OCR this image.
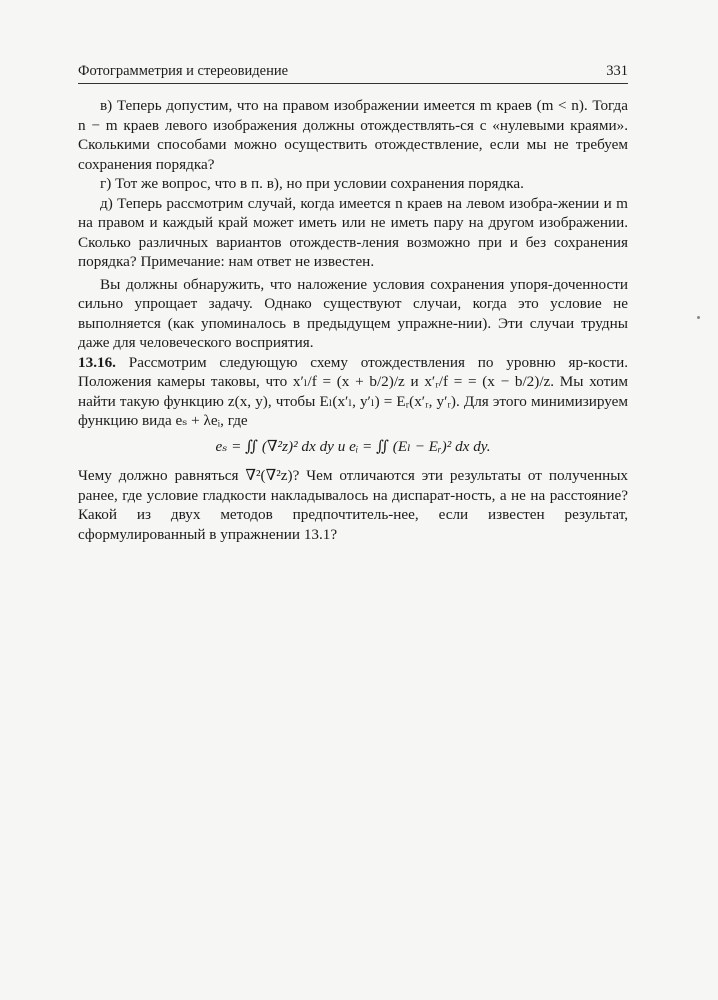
Фотограмметрия и стереовидение	331

в) Теперь допустим, что на правом изображении имеется m краев (m < n). Тогда n − m краев левого изображения должны отождествлять-ся с «нулевыми краями». Сколькими способами можно осуществить отождествление, если мы не требуем сохранения порядка?

г) Тот же вопрос, что в п. в), но при условии сохранения порядка.

д) Теперь рассмотрим случай, когда имеется n краев на левом изобра-жении и m на правом и каждый край может иметь или не иметь пару на другом изображении. Сколько различных вариантов отождеств-ления возможно при и без сохранения порядка? Примечание: нам ответ не известен.

Вы должны обнаружить, что наложение условия сохранения упоря-доченности сильно упрощает задачу. Однако существуют случаи, когда это условие не выполняется (как упоминалось в предыдущем упражне-нии). Эти случаи трудны даже для человеческого восприятия.

13.16. Рассмотрим следующую схему отождествления по уровню яр-кости. Положения камеры таковы, что x′ₗ/f = (x + b/2)/z и x′ᵣ/f = = (x − b/2)/z. Мы хотим найти такую функцию z(x, y), чтобы Eₗ(x′ₗ, y′ₗ) = Eᵣ(x′ᵣ, y′ᵣ). Для этого минимизируем функцию вида eₛ + λeᵢ, где

eₛ = ∬ (∇²z)² dx dy и eᵢ = ∬ (Eₗ − Eᵣ)² dx dy.

Чему должно равняться ∇²(∇²z)? Чем отличаются эти результаты от полученных ранее, где условие гладкости накладывалось на диспарат-ность, а не на расстояние? Какой из двух методов предпочтитель-нее, если известен результат, сформулированный в упражнении 13.1?
